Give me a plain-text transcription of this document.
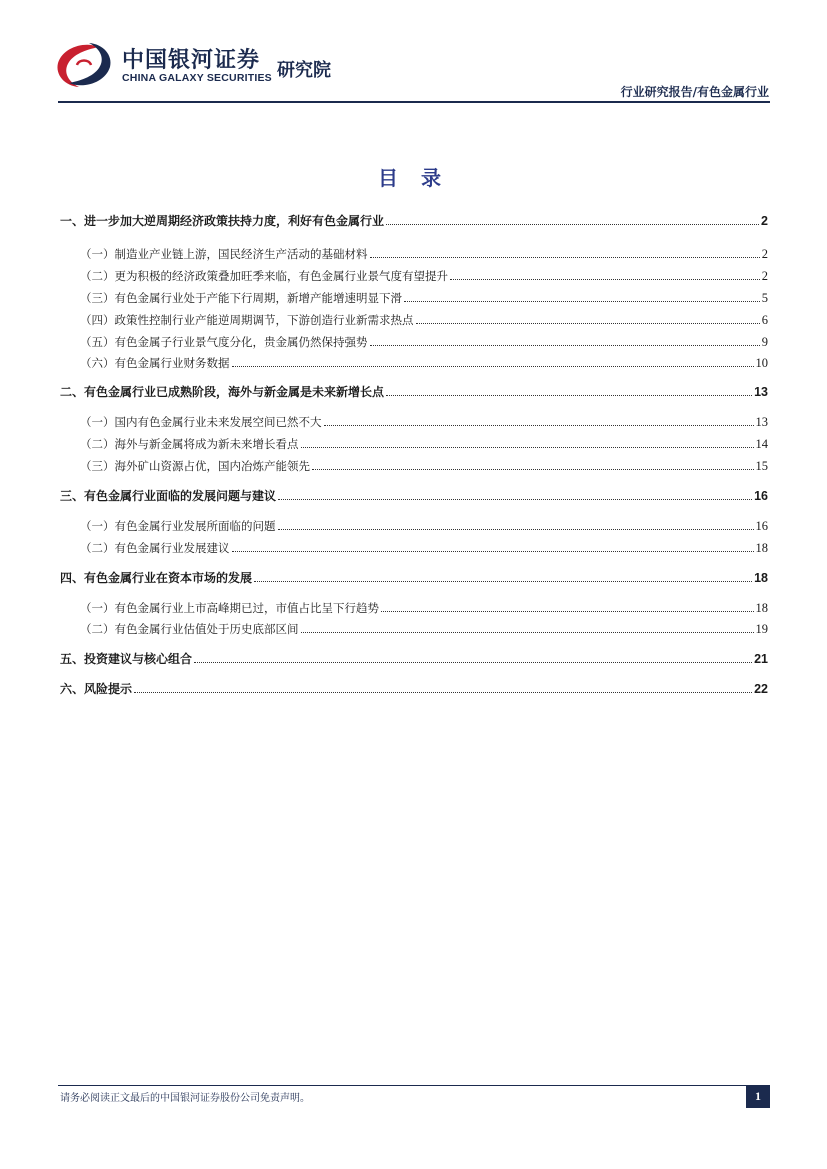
中国银河证券
CHINA GALAXY SECURITIES 研究院
行业研究报告/有色金属行业
目 录
一、进一步加大逆周期经济政策扶持力度，利好有色金属行业	2
（一）制造业产业链上游，国民经济生产活动的基础材料	2
（二）更为积极的经济政策叠加旺季来临，有色金属行业景气度有望提升	2
（三）有色金属行业处于产能下行周期，新增产能增速明显下滑	5
（四）政策性控制行业产能逆周期调节，下游创造行业新需求热点	6
（五）有色金属子行业景气度分化，贵金属仍然保持强势	9
（六）有色金属行业财务数据	10
二、有色金属行业已成熟阶段，海外与新金属是未来新增长点	13
（一）国内有色金属行业未来发展空间已然不大	13
（二）海外与新金属将成为新未来增长看点	14
（三）海外矿山资源占优，国内冶炼产能领先	15
三、有色金属行业面临的发展问题与建议	16
（一）有色金属行业发展所面临的问题	16
（二）有色金属行业发展建议	18
四、有色金属行业在资本市场的发展	18
（一）有色金属行业上市高峰期已过，市值占比呈下行趋势	18
（二）有色金属行业估值处于历史底部区间	19
五、投资建议与核心组合	21
六、风险提示	22
请务必阅读正文最后的中国银河证券股份公司免责声明。	1
